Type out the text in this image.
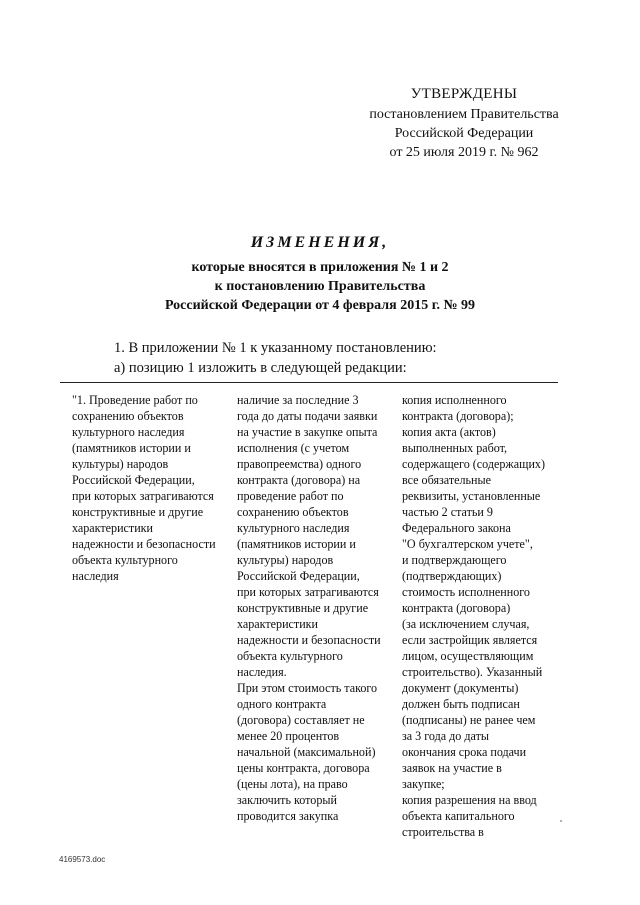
УТВЕРЖДЕНЫ
постановлением Правительства
Российской Федерации
от 25 июля 2019 г. № 962
ИЗМЕНЕНИЯ,
которые вносятся в приложения № 1 и 2
к постановлению Правительства
Российской Федерации от 4 февраля 2015 г. № 99
1. В приложении № 1 к указанному постановлению:
а) позицию 1 изложить в следующей редакции:
"1. Проведение работ по
сохранению объектов
культурного наследия
(памятников истории и
культуры) народов
Российской Федерации,
при которых затрагиваются
конструктивные и другие
характеристики
надежности и безопасности
объекта культурного
наследия
наличие за последние 3
года до даты подачи заявки
на участие в закупке опыта
исполнения (с учетом
правопреемства) одного
контракта (договора) на
проведение работ по
сохранению объектов
культурного наследия
(памятников истории и
культуры) народов
Российской Федерации,
при которых затрагиваются
конструктивные и другие
характеристики
надежности и безопасности
объекта культурного
наследия.
При этом стоимость такого
одного контракта
(договора) составляет не
менее 20 процентов
начальной (максимальной)
цены контракта, договора
(цены лота), на право
заключить который
проводится закупка
копия исполненного
контракта (договора);
копия акта (актов)
выполненных работ,
содержащего (содержащих)
все обязательные
реквизиты, установленные
частью 2 статьи 9
Федерального закона
"О бухгалтерском учете",
и подтверждающего
(подтверждающих)
стоимость исполненного
контракта (договора)
(за исключением случая,
если застройщик является
лицом, осуществляющим
строительство). Указанный
документ (документы)
должен быть подписан
(подписаны) не ранее чем
за 3 года до даты
окончания срока подачи
заявок на участие в
закупке;
копия разрешения на ввод
объекта капитального
строительства в
4169573.doc
